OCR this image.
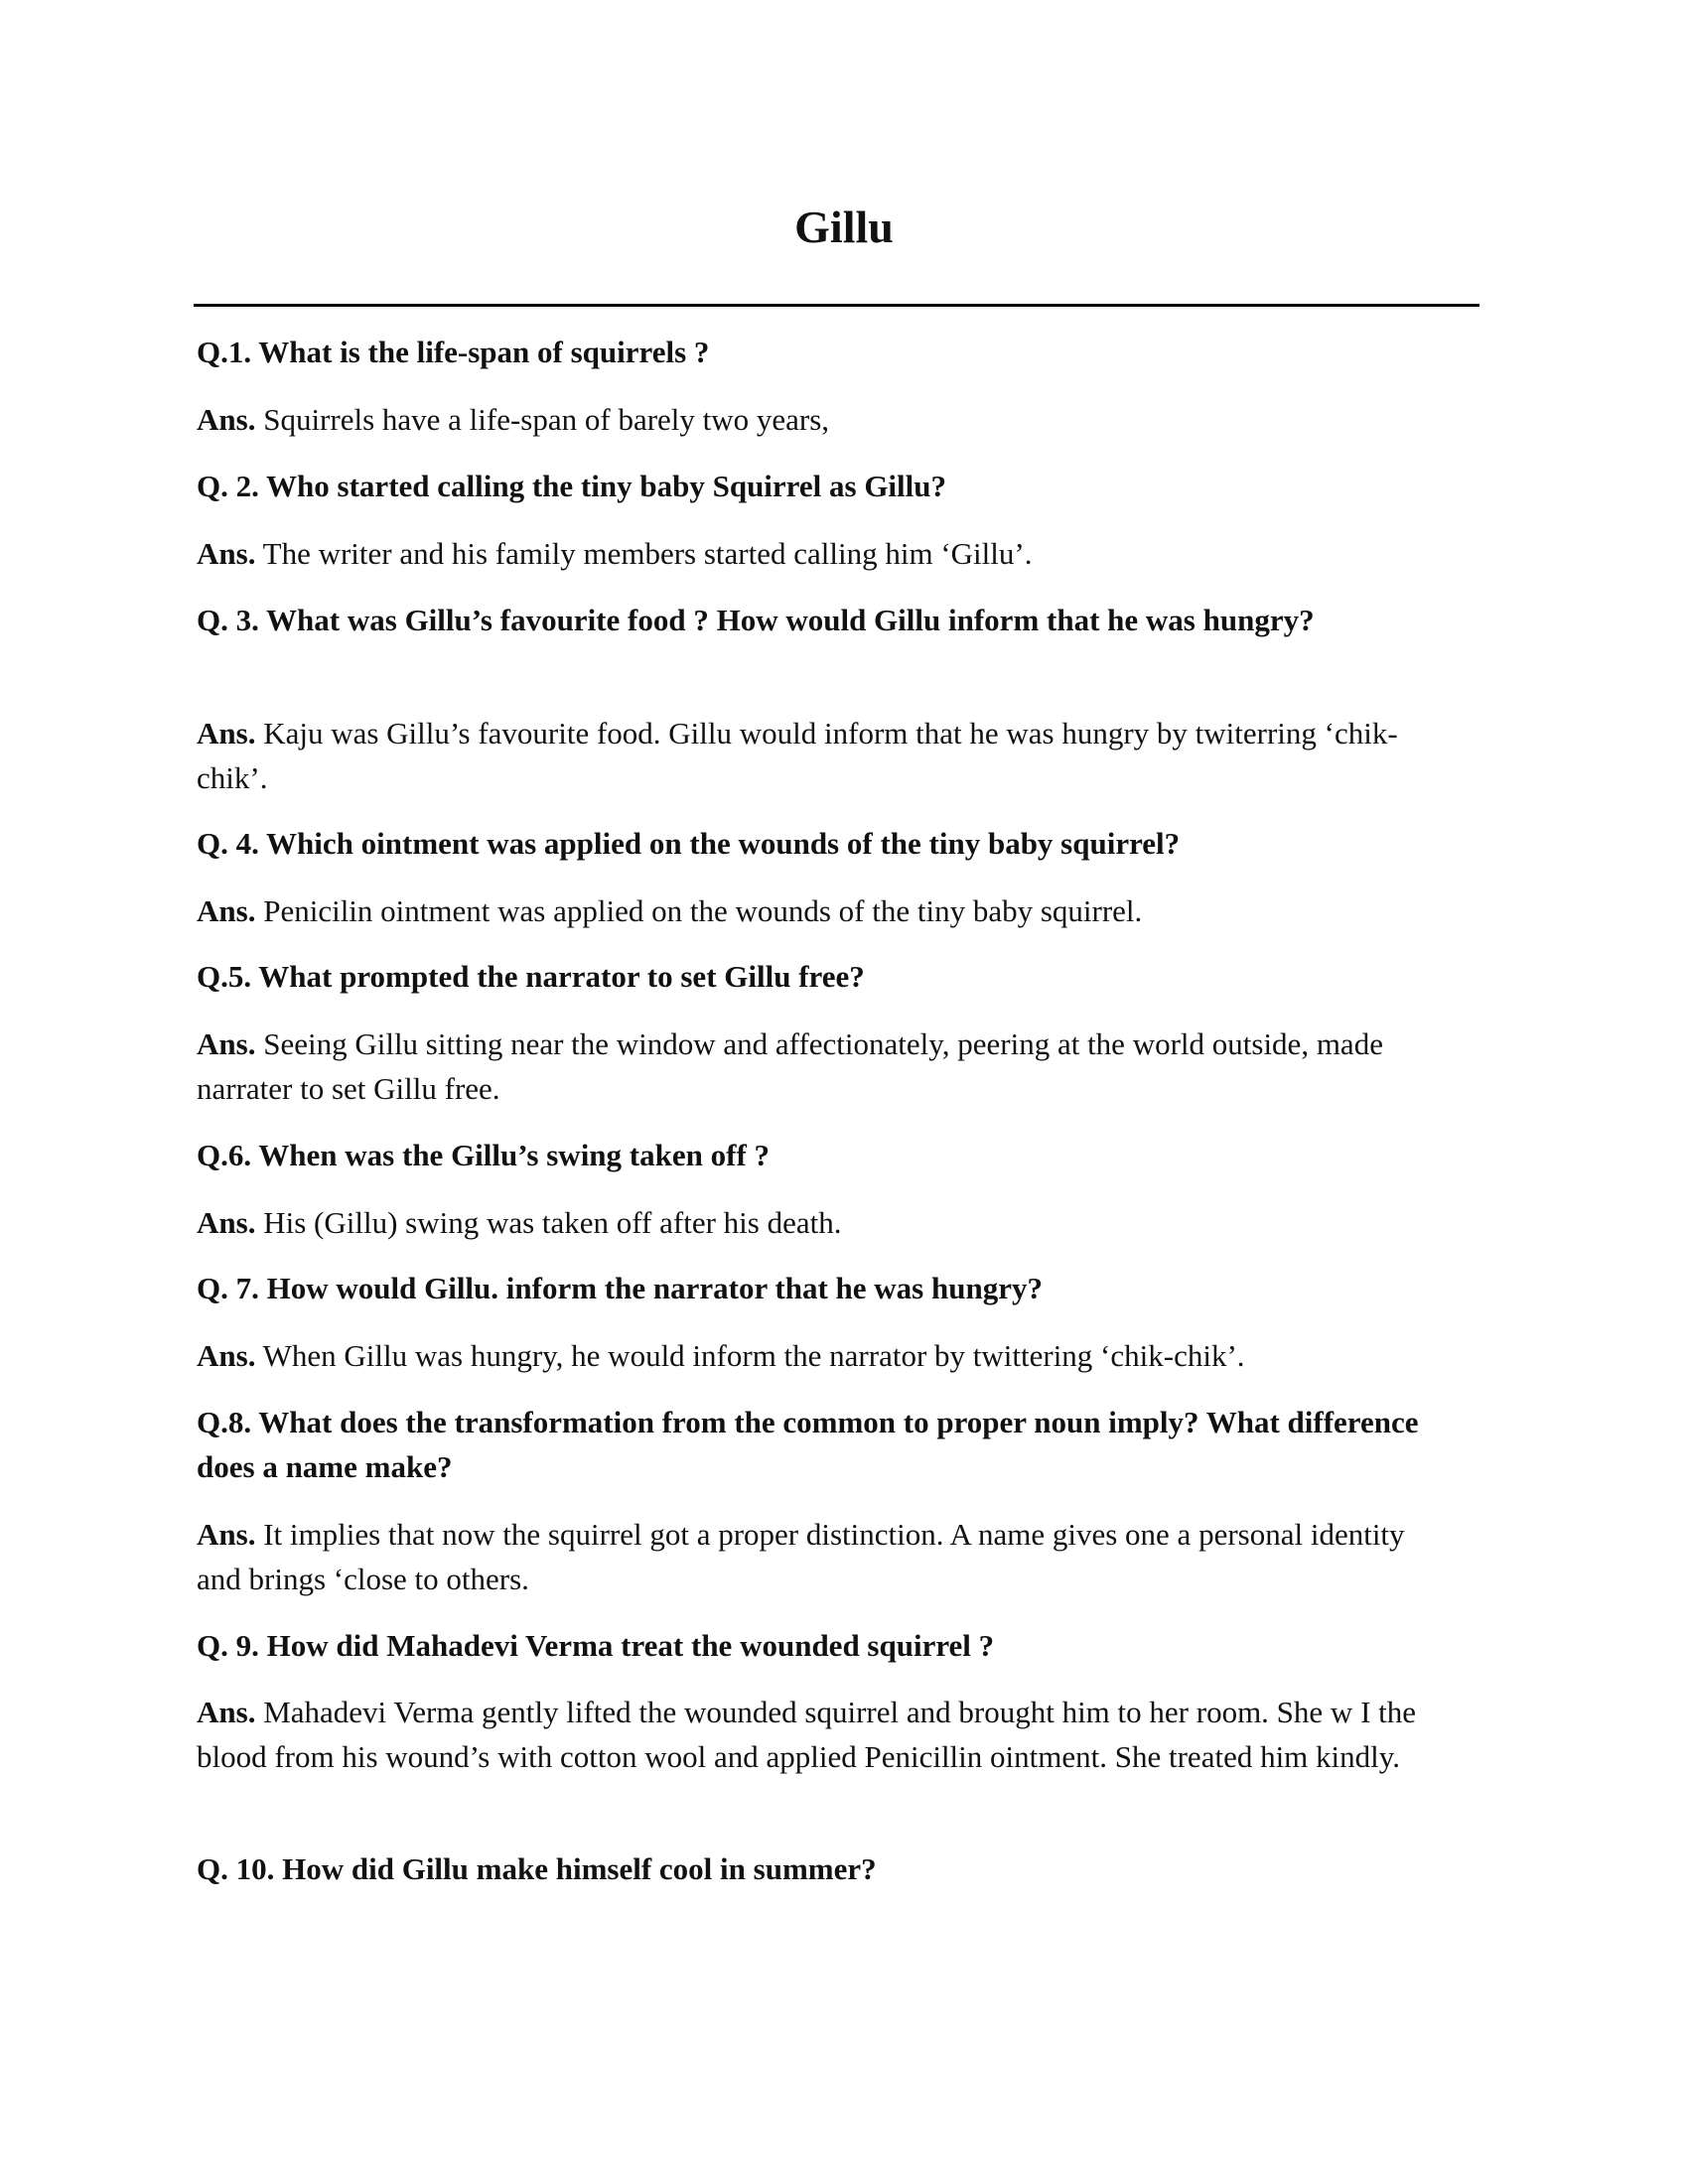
Gillu
Q.1. What is the life-span of squirrels ?
Ans. Squirrels have a life-span of barely two years,
Q. 2. Who started calling the tiny baby Squirrel as Gillu?
Ans. The writer and his family members started calling him ‘Gillu’.
Q. 3. What was Gillu’s favourite food ? How would Gillu inform that he was hungry?
Ans. Kaju was Gillu’s favourite food. Gillu would inform that he was hungry by twiterring ‘chik-chik’.
Q. 4. Which ointment was applied on the wounds of the tiny baby squirrel?
Ans. Penicilin ointment was applied on the wounds of the tiny baby squirrel.
Q.5. What prompted the narrator to set Gillu free?
Ans. Seeing Gillu sitting near the window and affectionately, peering at the world outside, made narrater to set Gillu free.
Q.6. When was the Gillu’s swing taken off ?
Ans. His (Gillu) swing was taken off after his death.
Q. 7. How would Gillu. inform the narrator that he was hungry?
Ans. When Gillu was hungry, he would inform the narrator by twittering ‘chik-chik’.
Q.8. What does the transformation from the common to proper noun imply? What difference does a name make?
Ans. It implies that now the squirrel got a proper distinction. A name gives one a personal identity and brings ‘close to others.
Q. 9. How did Mahadevi Verma treat the wounded squirrel ?
Ans. Mahadevi Verma gently lifted the wounded squirrel and brought him to her room. She w I the blood from his wound’s with cotton wool and applied Penicillin ointment. She treated him kindly.
Q. 10. How did Gillu make himself cool in summer?
